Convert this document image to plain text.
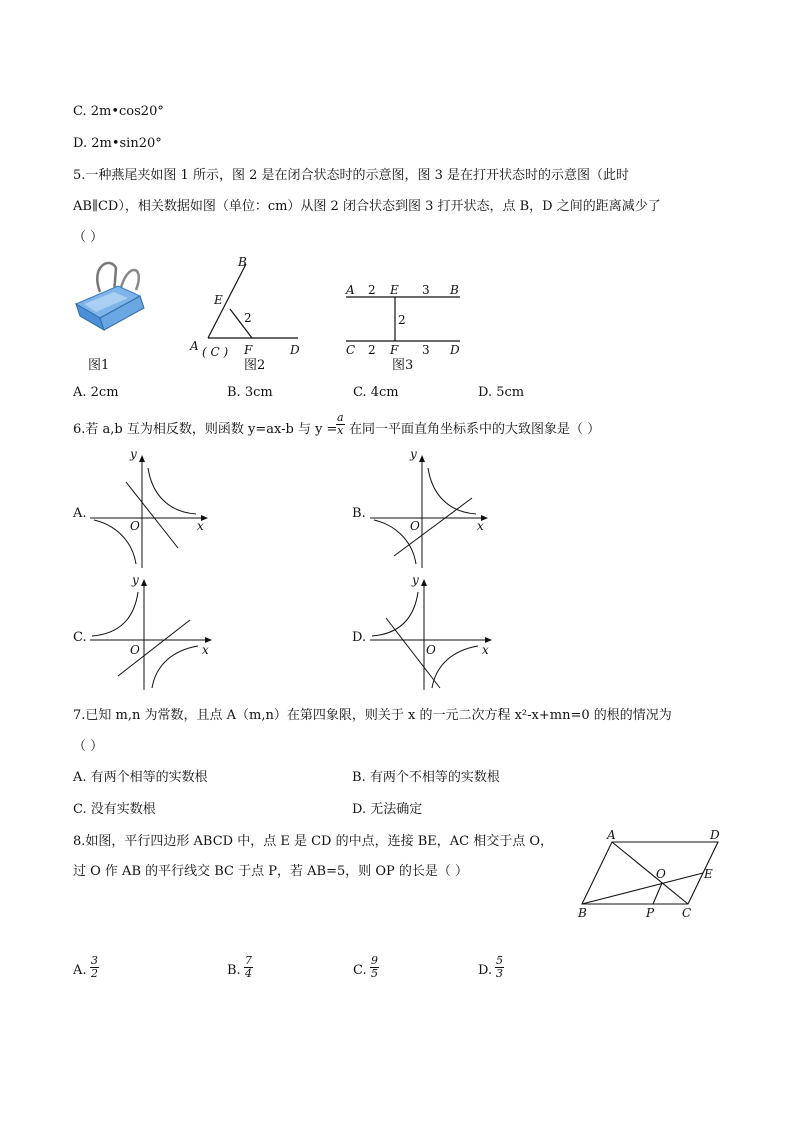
C. 2m•cos20°
D. 2m•sin20°
5.一种燕尾夹如图 1 所示，图 2 是在闭合状态时的示意图，图 3 是在打开状态时的示意图（此时
AB∥CD），相关数据如图（单位：cm）从图 2 闭合状态到图 3 打开状态，点 B，D 之间的距离减少了
（ ）
图1
B
E
2
A ( C ) F	D
图2
A 2 E 3 B
2
C 2 F 3 D
图3
A. 2cm	B. 3cm	C. 4cm	D. 5cm
6.若 a,b 互为相反数，则函数 y=ax-b 与 y =
$\frac{a}{x}$ 在同一平面直角坐标系中的大致图象是（ ）
A.
y
x
O
B.
y
x
O
C.
y
x
O
D.
y
x
O
7.已知 m,n 为常数，且点 A（m,n）在第四象限，则关于 x 的一元二次方程 x²-x+mn=0 的根的情况为
（ ）
A. 有两个相等的实数根	B. 有两个不相等的实数根
C. 没有实数根	D. 无法确定
8.如图，平行四边形 ABCD 中，点 E 是 CD 的中点，连接 BE，AC 相交于点 O，
过 O 作 AB 的平行线交 BC 于点 P，若 AB=5，则 OP 的长是（ ）
A	D
O	E
B	P C
A. $\frac{3}{2}$	B. $\frac{7}{4}$	C. $\frac{9}{5}$	D. $\frac{5}{3}$
